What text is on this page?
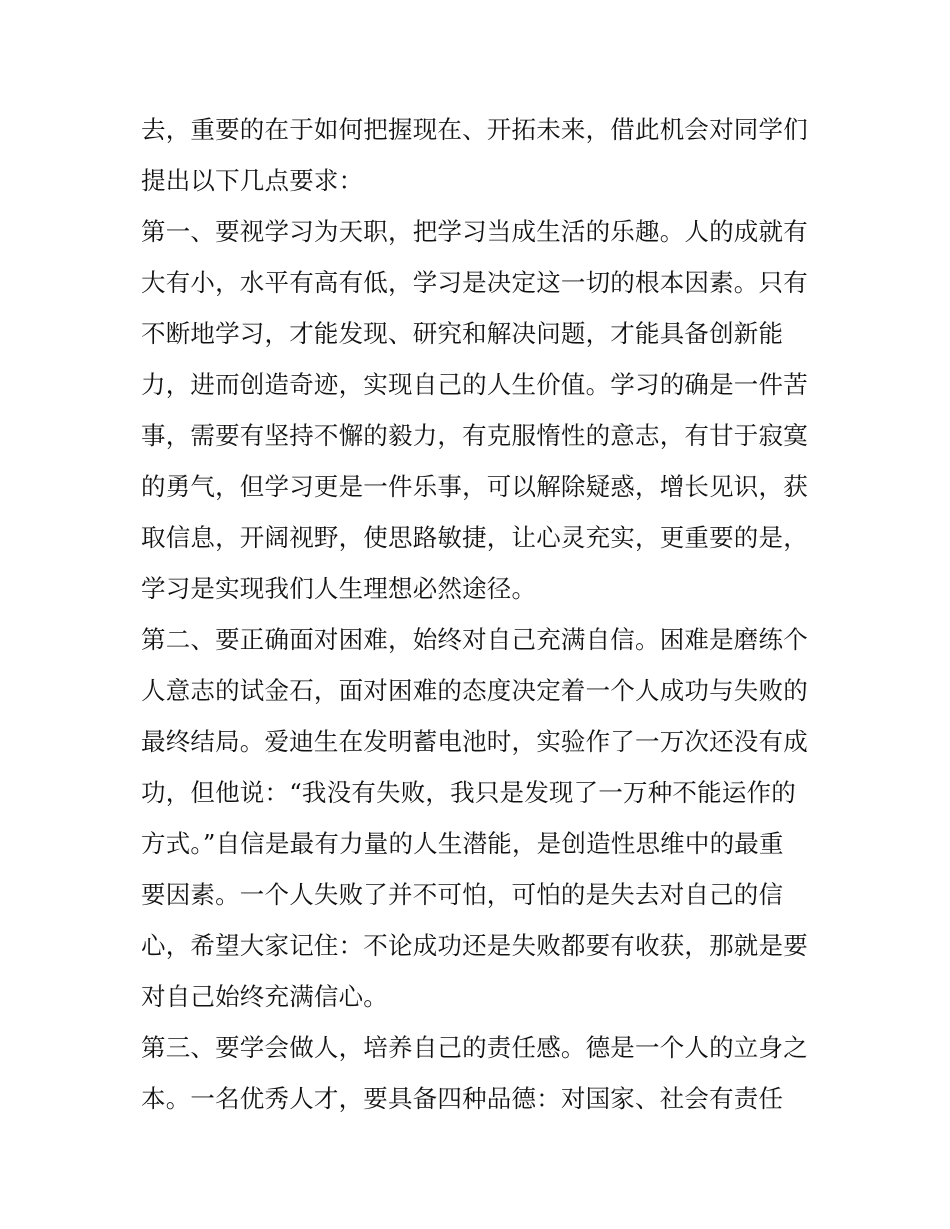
去，重要的在于如何把握现在、开拓未来，借此机会对同学们

提出以下几点要求：

第一、要视学习为天职，把学习当成生活的乐趣。人的成就有

大有小，水平有高有低，学习是决定这一切的根本因素。只有

不断地学习，才能发现、研究和解决问题，才能具备创新能

力，进而创造奇迹，实现自己的人生价值。学习的确是一件苦

事，需要有坚持不懈的毅力，有克服惰性的意志，有甘于寂寞

的勇气，但学习更是一件乐事，可以解除疑惑，增长见识，获

取信息，开阔视野，使思路敏捷，让心灵充实，更重要的是，

学习是实现我们人生理想必然途径。

第二、要正确面对困难，始终对自己充满自信。困难是磨练个

人意志的试金石，面对困难的态度决定着一个人成功与失败的

最终结局。爱迪生在发明蓄电池时，实验作了一万次还没有成

功，但他说：“我没有失败，我只是发现了一万种不能运作的

方式。”自信是最有力量的人生潜能，是创造性思维中的最重

要因素。一个人失败了并不可怕，可怕的是失去对自己的信

心，希望大家记住：不论成功还是失败都要有收获，那就是要

对自己始终充满信心。

第三、要学会做人，培养自己的责任感。德是一个人的立身之

本。一名优秀人才，要具备四种品德：对国家、社会有责任
